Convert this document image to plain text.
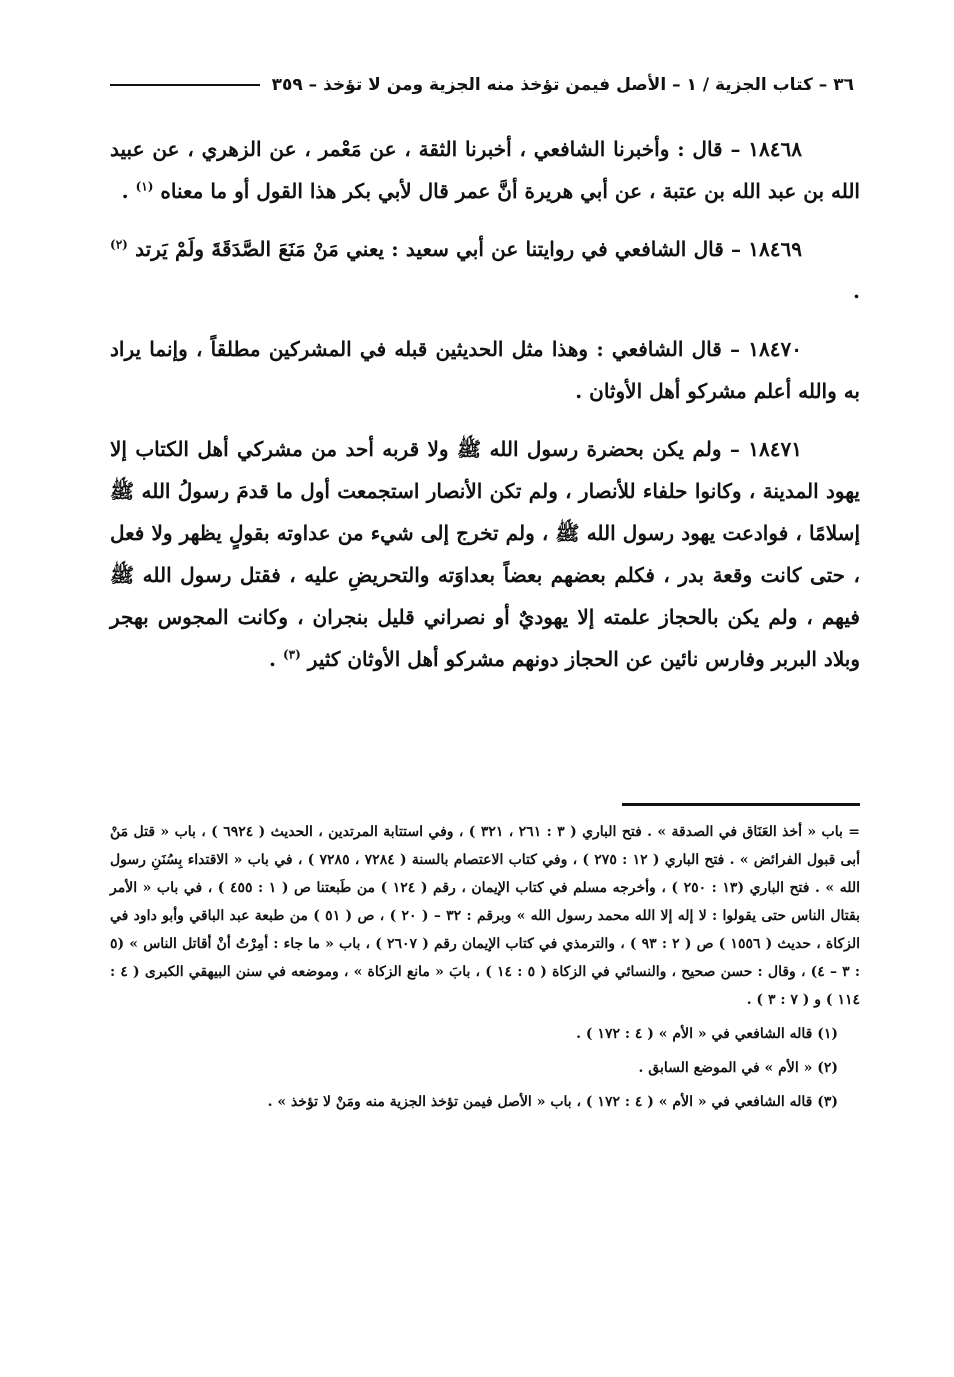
٣٦ – كتاب الجزية / ١ – الأصل فيمن تؤخذ منه الجزية ومن لا تؤخذ – ٣٥٩

١٨٤٦٨ – قال : وأخبرنا الشافعي ، أخبرنا الثقة ، عن مَعْمر ، عن الزهري ، عن عبيد الله بن عبد الله بن عتبة ، عن أبي هريرة أنَّ عمر قال لأبي بكر هذا القول أو ما معناه $^{(١)}$ .

١٨٤٦٩ – قال الشافعي في روايتنا عن أبي سعيد : يعني مَنْ مَنَعَ الصَّدَقَةَ ولَمْ يَرتد $^{(٢)}$ .

١٨٤٧٠ – قال الشافعي : وهذا مثل الحديثين قبله في المشركين مطلقاً ، وإنما يراد به والله أعلم مشركو أهل الأوثان .

١٨٤٧١ – ولم يكن بحضرة رسول الله ﷺ ولا قربه أحد من مشركي أهل الكتاب إلا يهود المدينة ، وكانوا حلفاء للأنصار ، ولم تكن الأنصار استجمعت أول ما قدمَ رسولُ الله ﷺ إسلامًا ، فوادعت يهود رسول الله ﷺ ، ولم تخرج إلى شيء من عداوته بقولٍ يظهر ولا فعل ، حتى كانت وقعة بدر ، فكلم بعضهم بعضاً بعداوَته والتحريضِ عليه ، فقتل رسول الله ﷺ فيهم ، ولم يكن بالحجاز علمته إلا يهوديٌ أو نصراني قليل بنجران ، وكانت المجوس بهجر وبلاد البربر وفارس نائين عن الحجاز دونهم مشركو أهل الأوثان كثير $^{(٣)}$ .

= باب « أخذ العَنَاق في الصدقة » . فتح الباري ( ٣ : ٢٦١ ، ٣٢١ ) ، وفي استتابة المرتدين ، الحديث ( ٦٩٢٤ ) ، باب « قتل مَنْ أبى قبول الفرائض » . فتح الباري ( ١٢ : ٢٧٥ ) ، وفي كتاب الاعتصام بالسنة ( ٧٢٨٤ ، ٧٢٨٥ ) ، في باب « الاقتداء بِسُنَنِ رسول الله » . فتح الباري (١٣ : ٢٥٠ ) ، وأخرجه مسلم في كتاب الإيمان ، رقم ( ١٢٤ ) من طَبعتنا ص ( ١ : ٤٥٥ ) ، في باب « الأمر بقتال الناس حتى يقولوا : لا إله إلا الله محمد رسول الله » وبرقم : ٣٢ – ( ٢٠ ) ، ص ( ٥١ ) من طبعة عبد الباقي وأبو داود في الزكاة ، حديث ( ١٥٥٦ ) ص ( ٢ : ٩٣ ) ، والترمذي في كتاب الإيمان رقم ( ٢٦٠٧ ) ، باب « ما جاء : أمِرْتُ أنْ أقاتل الناس » (٥ : ٣ – ٤) ، وقال : حسن صحيح ، والنسائي في الزكاة ( ٥ : ١٤ ) ، بابَ « مانع الزكاة » ، وموضعه في سنن البيهقي الكبرى ( ٤ : ١١٤ ) و ( ٧ : ٣ ) .

(١) قاله الشافعي في « الأم » ( ٤ : ١٧٢ ) .

(٢) « الأم » في الموضع السابق .

(٣) قاله الشافعي في « الأم » ( ٤ : ١٧٢ ) ، باب « الأصل فيمن تؤخذ الجزية منه ومَنْ لا تؤخذ » .
